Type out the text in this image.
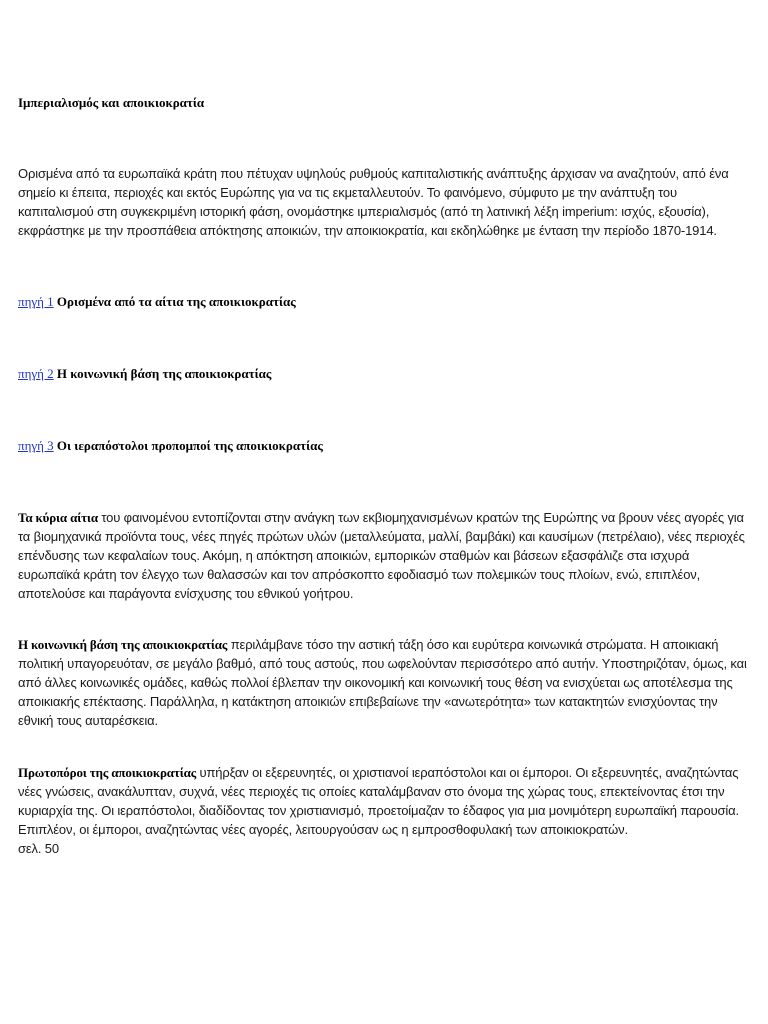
Ιμπεριαλισμός και αποικιοκρατία
Ορισμένα από τα ευρωπαϊκά κράτη που πέτυχαν υψηλούς ρυθμούς καπιταλιστικής ανάπτυξης άρχισαν να αναζητούν, από ένα σημείο κι έπειτα, περιοχές και εκτός Ευρώπης για να τις εκμεταλλευτούν. Το φαινόμενο, σύμφυτο με την ανάπτυξη του καπιταλισμού στη συγκεκριμένη ιστορική φάση, ονομάστηκε ιμπεριαλισμός (από τη λατινική λέξη imperium: ισχύς, εξουσία), εκφράστηκε με την προσπάθεια απόκτησης αποικιών, την αποικιοκρατία, και εκδηλώθηκε με ένταση την περίοδο 1870-1914.
πηγή 1 Ορισμένα από τα αίτια της αποικιοκρατίας
πηγή 2 Η κοινωνική βάση της αποικιοκρατίας
πηγή 3 Οι ιεραπόστολοι προπομποί της αποικιοκρατίας
Τα κύρια αίτια του φαινομένου εντοπίζονται στην ανάγκη των εκβιομηχανισμένων κρατών της Ευρώπης να βρουν νέες αγορές για τα βιομηχανικά προϊόντα τους, νέες πηγές πρώτων υλών (μεταλλεύματα, μαλλί, βαμβάκι) και καυσίμων (πετρέλαιο), νέες περιοχές επένδυσης των κεφαλαίων τους. Ακόμη, η απόκτηση αποικιών, εμπορικών σταθμών και βάσεων εξασφάλιζε στα ισχυρά ευρωπαϊκά κράτη τον έλεγχο των θαλασσών και τον απρόσκοπτο εφοδιασμό των πολεμικών τους πλοίων, ενώ, επιπλέον, αποτελούσε και παράγοντα ενίσχυσης του εθνικού γοήτρου.
Η κοινωνική βάση της αποικιοκρατίας περιλάμβανε τόσο την αστική τάξη όσο και ευρύτερα κοινωνικά στρώματα. Η αποικιακή πολιτική υπαγορευόταν, σε μεγάλο βαθμό, από τους αστούς, που ωφελούνταν περισσότερο από αυτήν. Υποστηριζόταν, όμως, και από άλλες κοινωνικές ομάδες, καθώς πολλοί έβλεπαν την οικονομική και κοινωνική τους θέση να ενισχύεται ως αποτέλεσμα της αποικιακής επέκτασης. Παράλληλα, η κατάκτηση αποικιών επιβεβαίωνε την «ανωτερότητα» των κατακτητών ενισχύοντας την εθνική τους αυταρέσκεια.
Πρωτοπόροι της αποικιοκρατίας υπήρξαν οι εξερευνητές, οι χριστιανοί ιεραπόστολοι και οι έμποροι. Οι εξερευνητές, αναζητώντας νέες γνώσεις, ανακάλυπταν, συχνά, νέες περιοχές τις οποίες καταλάμβαναν στο όνομα της χώρας τους, επεκτείνοντας έτσι την κυριαρχία της. Οι ιεραπόστολοι, διαδίδοντας τον χριστιανισμό, προετοίμαζαν το έδαφος για μια μονιμότερη ευρωπαϊκή παρουσία. Επιπλέον, οι έμποροι, αναζητώντας νέες αγορές, λειτουργούσαν ως η εμπροσθοφυλακή των αποικιοκρατών.
σελ. 50
